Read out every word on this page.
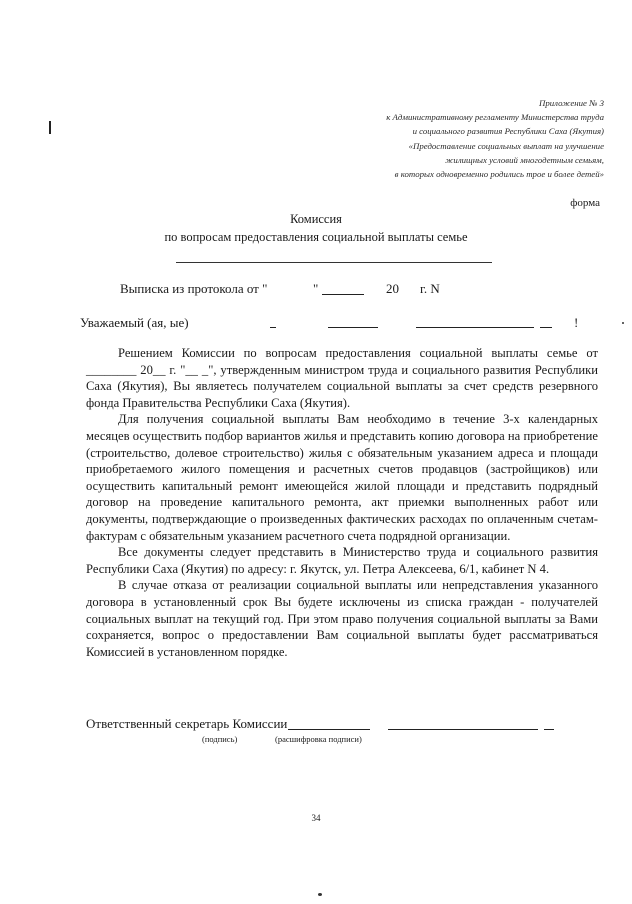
Приложение № 3
к Административному регламенту Министерства труда
и социального развития Республики Саха (Якутия)
«Предоставление социальных выплат на улучшение
жилищных условий многодетным семьям,
в которых одновременно родились трое и более детей»
форма
Комиссия
по вопросам предоставления социальной выплаты семье
Выписка из протокола от "	"	20 г. N
Уважаемый (ая, ые)	!

Решением Комиссии по вопросам предоставления социальной выплаты семье от ________ 20__ г. "__ _", утвержденным министром труда и социального развития Республики Саха (Якутия), Вы являетесь получателем социальной выплаты за счет средств резервного фонда Правительства Республики Саха (Якутия).

Для получения социальной выплаты Вам необходимо в течение 3-х календарных месяцев осуществить подбор вариантов жилья и представить копию договора на приобретение (строительство, долевое строительство) жилья с обязательным указанием адреса и площади приобретаемого жилого помещения и расчетных счетов продавцов (застройщиков) или осуществить капитальный ремонт имеющейся жилой площади и представить подрядный договор на проведение капитального ремонта, акт приемки выполненных работ или документы, подтверждающие о произведенных фактических расходах по оплаченным счетам-фактурам с обязательным указанием расчетного счета подрядной организации.

Все документы следует представить в Министерство труда и социального развития Республики Саха (Якутия) по адресу: г. Якутск, ул. Петра Алексеева, 6/1, кабинет N 4.

В случае отказа от реализации социальной выплаты или непредставления указанного договора в установленный срок Вы будете исключены из списка граждан - получателей социальных выплат на текущий год. При этом право получения социальной выплаты за Вами сохраняется, вопрос о предоставлении Вам социальной выплаты будет рассматриваться Комиссией в установленном порядке.

Ответственный секретарь Комиссии
(подпись)	(расшифровка подписи)
34
